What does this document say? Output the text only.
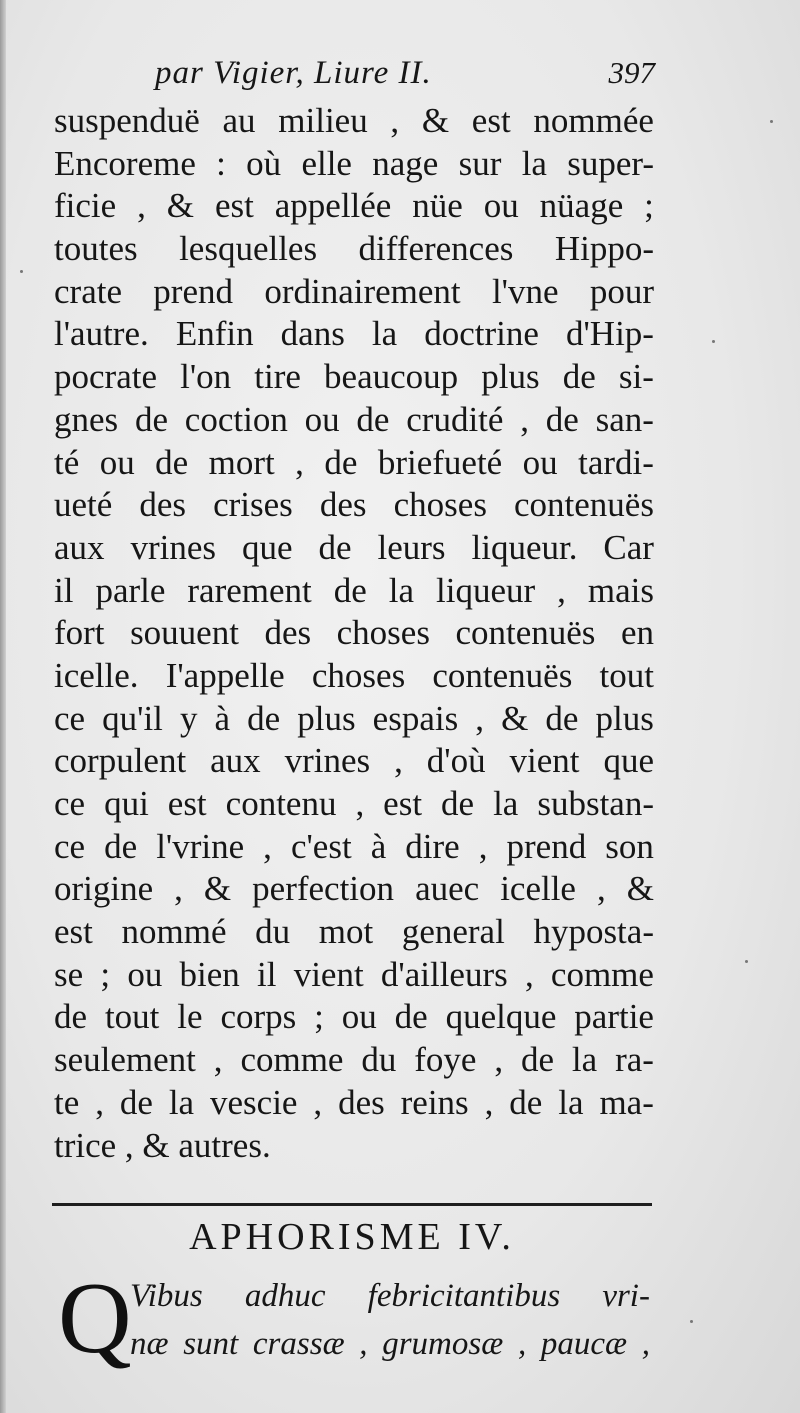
par Vigier, Liure II.	397
suspenduë au milieu , & est nommée
Encoreme : où elle nage sur la super-
ficie , & est appellée nüe ou nüage ;
toutes lesquelles differences Hippo-
crate prend ordinairement l'vne pour
l'autre. Enfin dans la doctrine d'Hip-
pocrate l'on tire beaucoup plus de si-
gnes de coction ou de crudité , de san-
té ou de mort , de briefueté ou tardi-
ueté des crises des choses contenuës
aux vrines que de leurs liqueur. Car
il parle rarement de la liqueur , mais
fort souuent des choses contenuës en
icelle. I'appelle choses contenuës tout
ce qu'il y à de plus espais , & de plus
corpulent aux vrines , d'où vient que
ce qui est contenu , est de la substan-
ce de l'vrine , c'est à dire , prend son
origine , & perfection auec icelle , &
est nommé du mot general hyposta-
se ; ou bien il vient d'ailleurs , comme
de tout le corps ; ou de quelque partie
seulement , comme du foye , de la ra-
te , de la vescie , des reins , de la ma-
trice , & autres.
APHORISME IV.
Q
Vibus adhuc febricitantibus vri-
næ sunt crassæ , grumosæ , paucæ ,
